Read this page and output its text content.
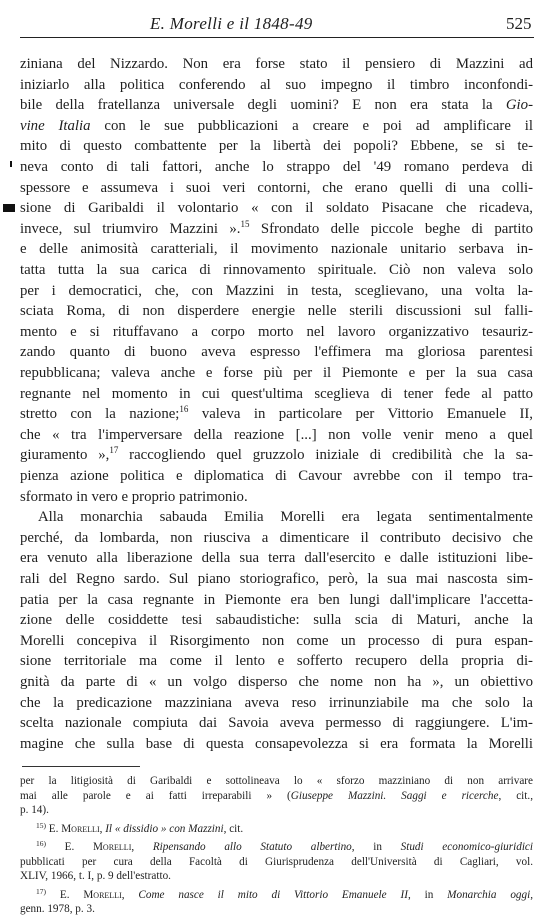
E. Morelli e il 1848-49	525
ziniana del Nizzardo. Non era forse stato il pensiero di Mazzini ad
iniziarlo alla politica conferendo al suo impegno il timbro inconfondi-
bile della fratellanza universale degli uomini? E non era stata la Gio-
vine Italia con le sue pubblicazioni a creare e poi ad amplificare il
mito di questo combattente per la libertà dei popoli? Ebbene, se si te-
neva conto di tali fattori, anche lo strappo del '49 romano perdeva di
spessore e assumeva i suoi veri contorni, che erano quelli di una colli-
sione di Garibaldi il volontario « con il soldato Pisacane che ricadeva,
invece, sul triumviro Mazzini ».$^{15}$ Sfrondato delle piccole beghe di partito
e delle animosità caratteriali, il movimento nazionale unitario serbava in-
tatta tutta la sua carica di rinnovamento spirituale. Ciò non valeva solo
per i democratici, che, con Mazzini in testa, sceglievano, una volta la-
sciata Roma, di non disperdere energie nelle sterili discussioni sul falli-
mento e si rituffavano a corpo morto nel lavoro organizzativo tesauriz-
zando quanto di buono aveva espresso l'effimera ma gloriosa parentesi
repubblicana; valeva anche e forse più per il Piemonte e per la sua casa
regnante nel momento in cui quest'ultima sceglieva di tener fede al patto
stretto con la nazione;$^{16}$ valeva in particolare per Vittorio Emanuele II,
che « tra l'imperversare della reazione [...] non volle venir meno a quel
giuramento »,$^{17}$ raccogliendo quel gruzzolo iniziale di credibilità che la sa-
pienza azione politica e diplomatica di Cavour avrebbe con il tempo tra-
sformato in vero e proprio patrimonio.
Alla monarchia sabauda Emilia Morelli era legata sentimentalmente
perché, da lombarda, non riusciva a dimenticare il contributo decisivo che
era venuto alla liberazione della sua terra dall'esercito e dalle istituzioni libe-
rali del Regno sardo. Sul piano storiografico, però, la sua mai nascosta sim-
patia per la casa regnante in Piemonte era ben lungi dall'implicare l'accetta-
zione delle cosiddette tesi sabaudistiche: sulla scia di Maturi, anche la
Morelli concepiva il Risorgimento non come un processo di pura espan-
sione territoriale ma come il lento e sofferto recupero della propria di-
gnità da parte di « un volgo disperso che nome non ha », un obiettivo
che la predicazione mazziniana aveva reso irrinunziabile ma che solo la
scelta nazionale compiuta dai Savoia aveva permesso di raggiungere. L'im-
magine che sulla base di questa consapevolezza si era formata la Morelli
per la litigiosità di Garibaldi e sottolineava lo « sforzo mazziniano di non arrivare
mai alle parole e ai fatti irreparabili » (Giuseppe Mazzini. Saggi e ricerche, cit.,
p. 14).
$^{15)}$ E. Morelli, Il « dissidio » con Mazzini, cit.
$^{16)}$ E. Morelli, Ripensando allo Statuto albertino, in Studi economico-giuridici
pubblicati per cura della Facoltà di Giurisprudenza dell'Università di Cagliari, vol.
XLIV, 1966, t. I, p. 9 dell'estratto.
$^{17)}$ E. Morelli, Come nasce il mito di Vittorio Emanuele II, in Monarchia oggi,
genn. 1978, p. 3.
